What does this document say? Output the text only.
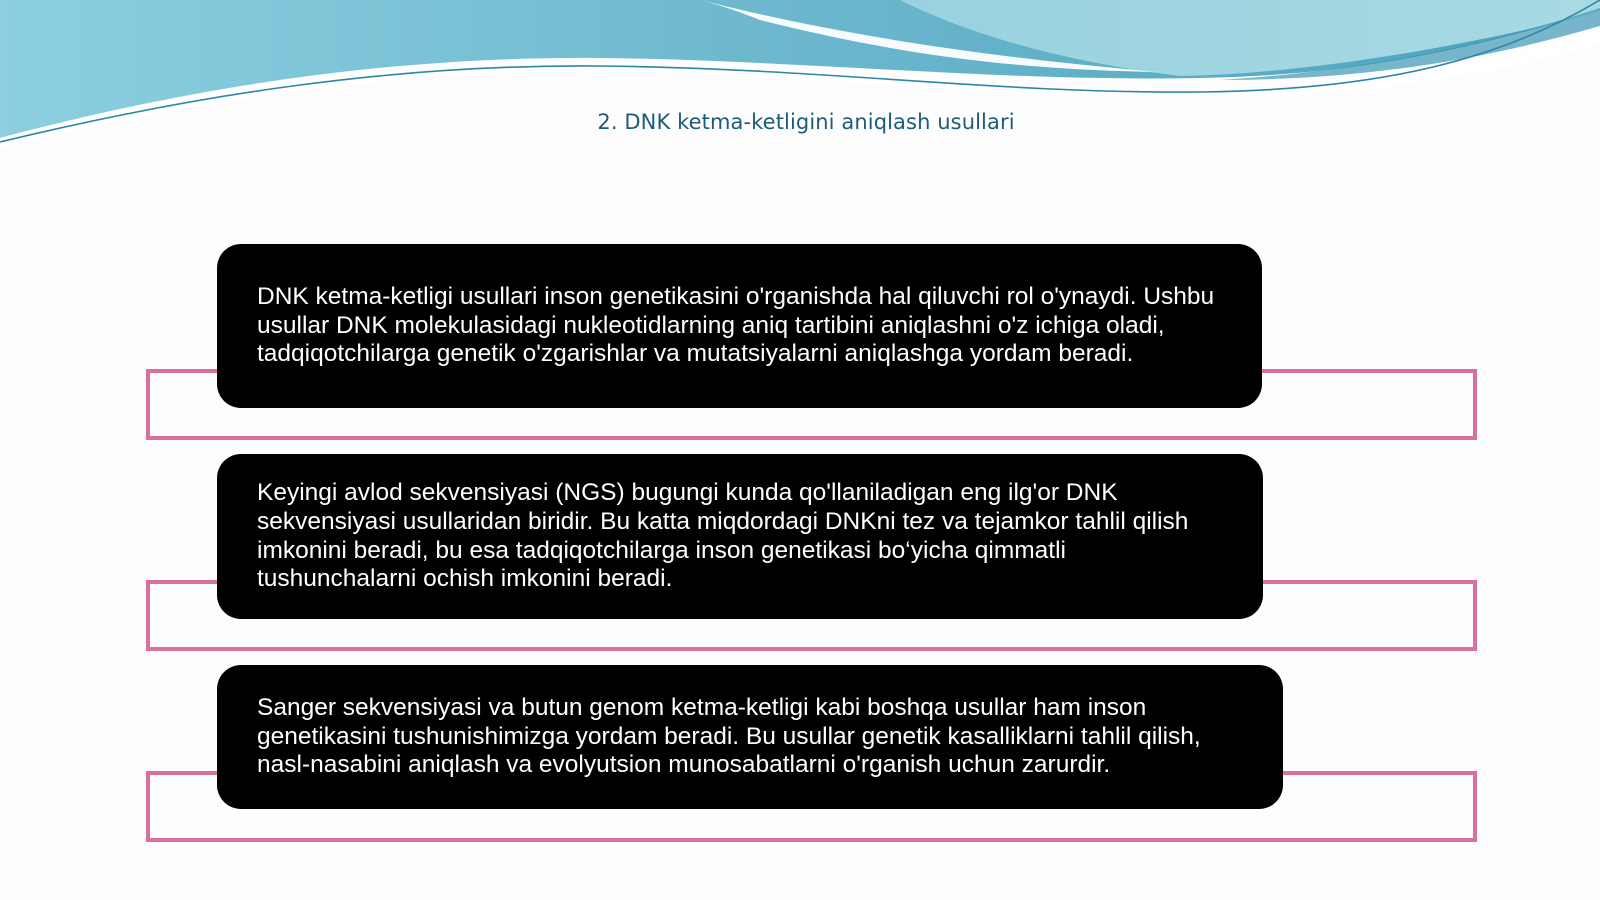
2. DNK ketma-ketligini aniqlash usullari

DNK ketma-ketligi usullari inson genetikasini o'rganishda hal qiluvchi rol o'ynaydi. Ushbu usullar DNK molekulasidagi nukleotidlarning aniq tartibini aniqlashni o'z ichiga oladi, tadqiqotchilarga genetik o'zgarishlar va mutatsiyalarni aniqlashga yordam beradi.

Keyingi avlod sekvensiyasi (NGS) bugungi kunda qo'llaniladigan eng ilg'or DNK sekvensiyasi usullaridan biridir. Bu katta miqdordagi DNKni tez va tejamkor tahlil qilish imkonini beradi, bu esa tadqiqotchilarga inson genetikasi bo‘yicha qimmatli tushunchalarni ochish imkonini beradi.

Sanger sekvensiyasi va butun genom ketma-ketligi kabi boshqa usullar ham inson genetikasini tushunishimizga yordam beradi. Bu usullar genetik kasalliklarni tahlil qilish, nasl-nasabini aniqlash va evolyutsion munosabatlarni o'rganish uchun zarurdir.
